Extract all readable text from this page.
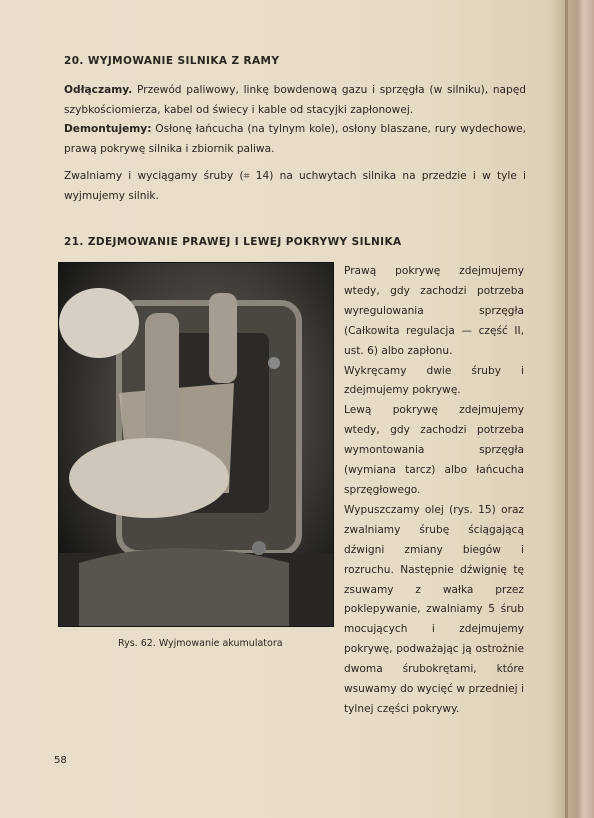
20. WYJMOWANIE SILNIKA Z RAMY
Odłączamy. Przewód paliwowy, linkę bowdenową gazu i sprzęgła (w silniku), napęd szybkościomierza, kabel od świecy i kable od stacyjki zapłonowej.
Demontujemy: Osłonę łańcucha (na tylnym kole), osłony blaszane, rury wydechowe, prawą pokrywę silnika i zbiornik paliwa.
Zwalniamy i wyciągamy śruby (⌗ 14) na uchwytach silnika na przedzie i w tyle i wyjmujemy silnik.
21. ZDEJMOWANIE PRAWEJ I LEWEJ POKRYWY SILNIKA
Rys. 62. Wyjmowanie akumulatora

Prawą pokrywę zdejmujemy wtedy, gdy zachodzi potrzeba wyregulowania sprzęgła (Całkowita regulacja — część II, ust. 6) albo zapłonu.

Wykręcamy dwie śruby i zdejmujemy pokrywę.

Lewą pokrywę zdejmujemy wtedy, gdy zachodzi potrzeba wymontowania sprzęgła (wymiana tarcz) albo łańcucha sprzęgłowego.

Wypuszczamy olej (rys. 15) oraz zwalniamy śrubę ściągającą dźwigni zmiany biegów i rozruchu. Następnie dźwignię tę zsuwamy z wałka przez poklepywanie, zwalniamy 5 śrub mocujących i zdejmujemy pokrywę, podważając ją ostrożnie dwoma śrubokrętami, które wsuwamy do wycięć w przedniej i tylnej części pokrywy.

58
